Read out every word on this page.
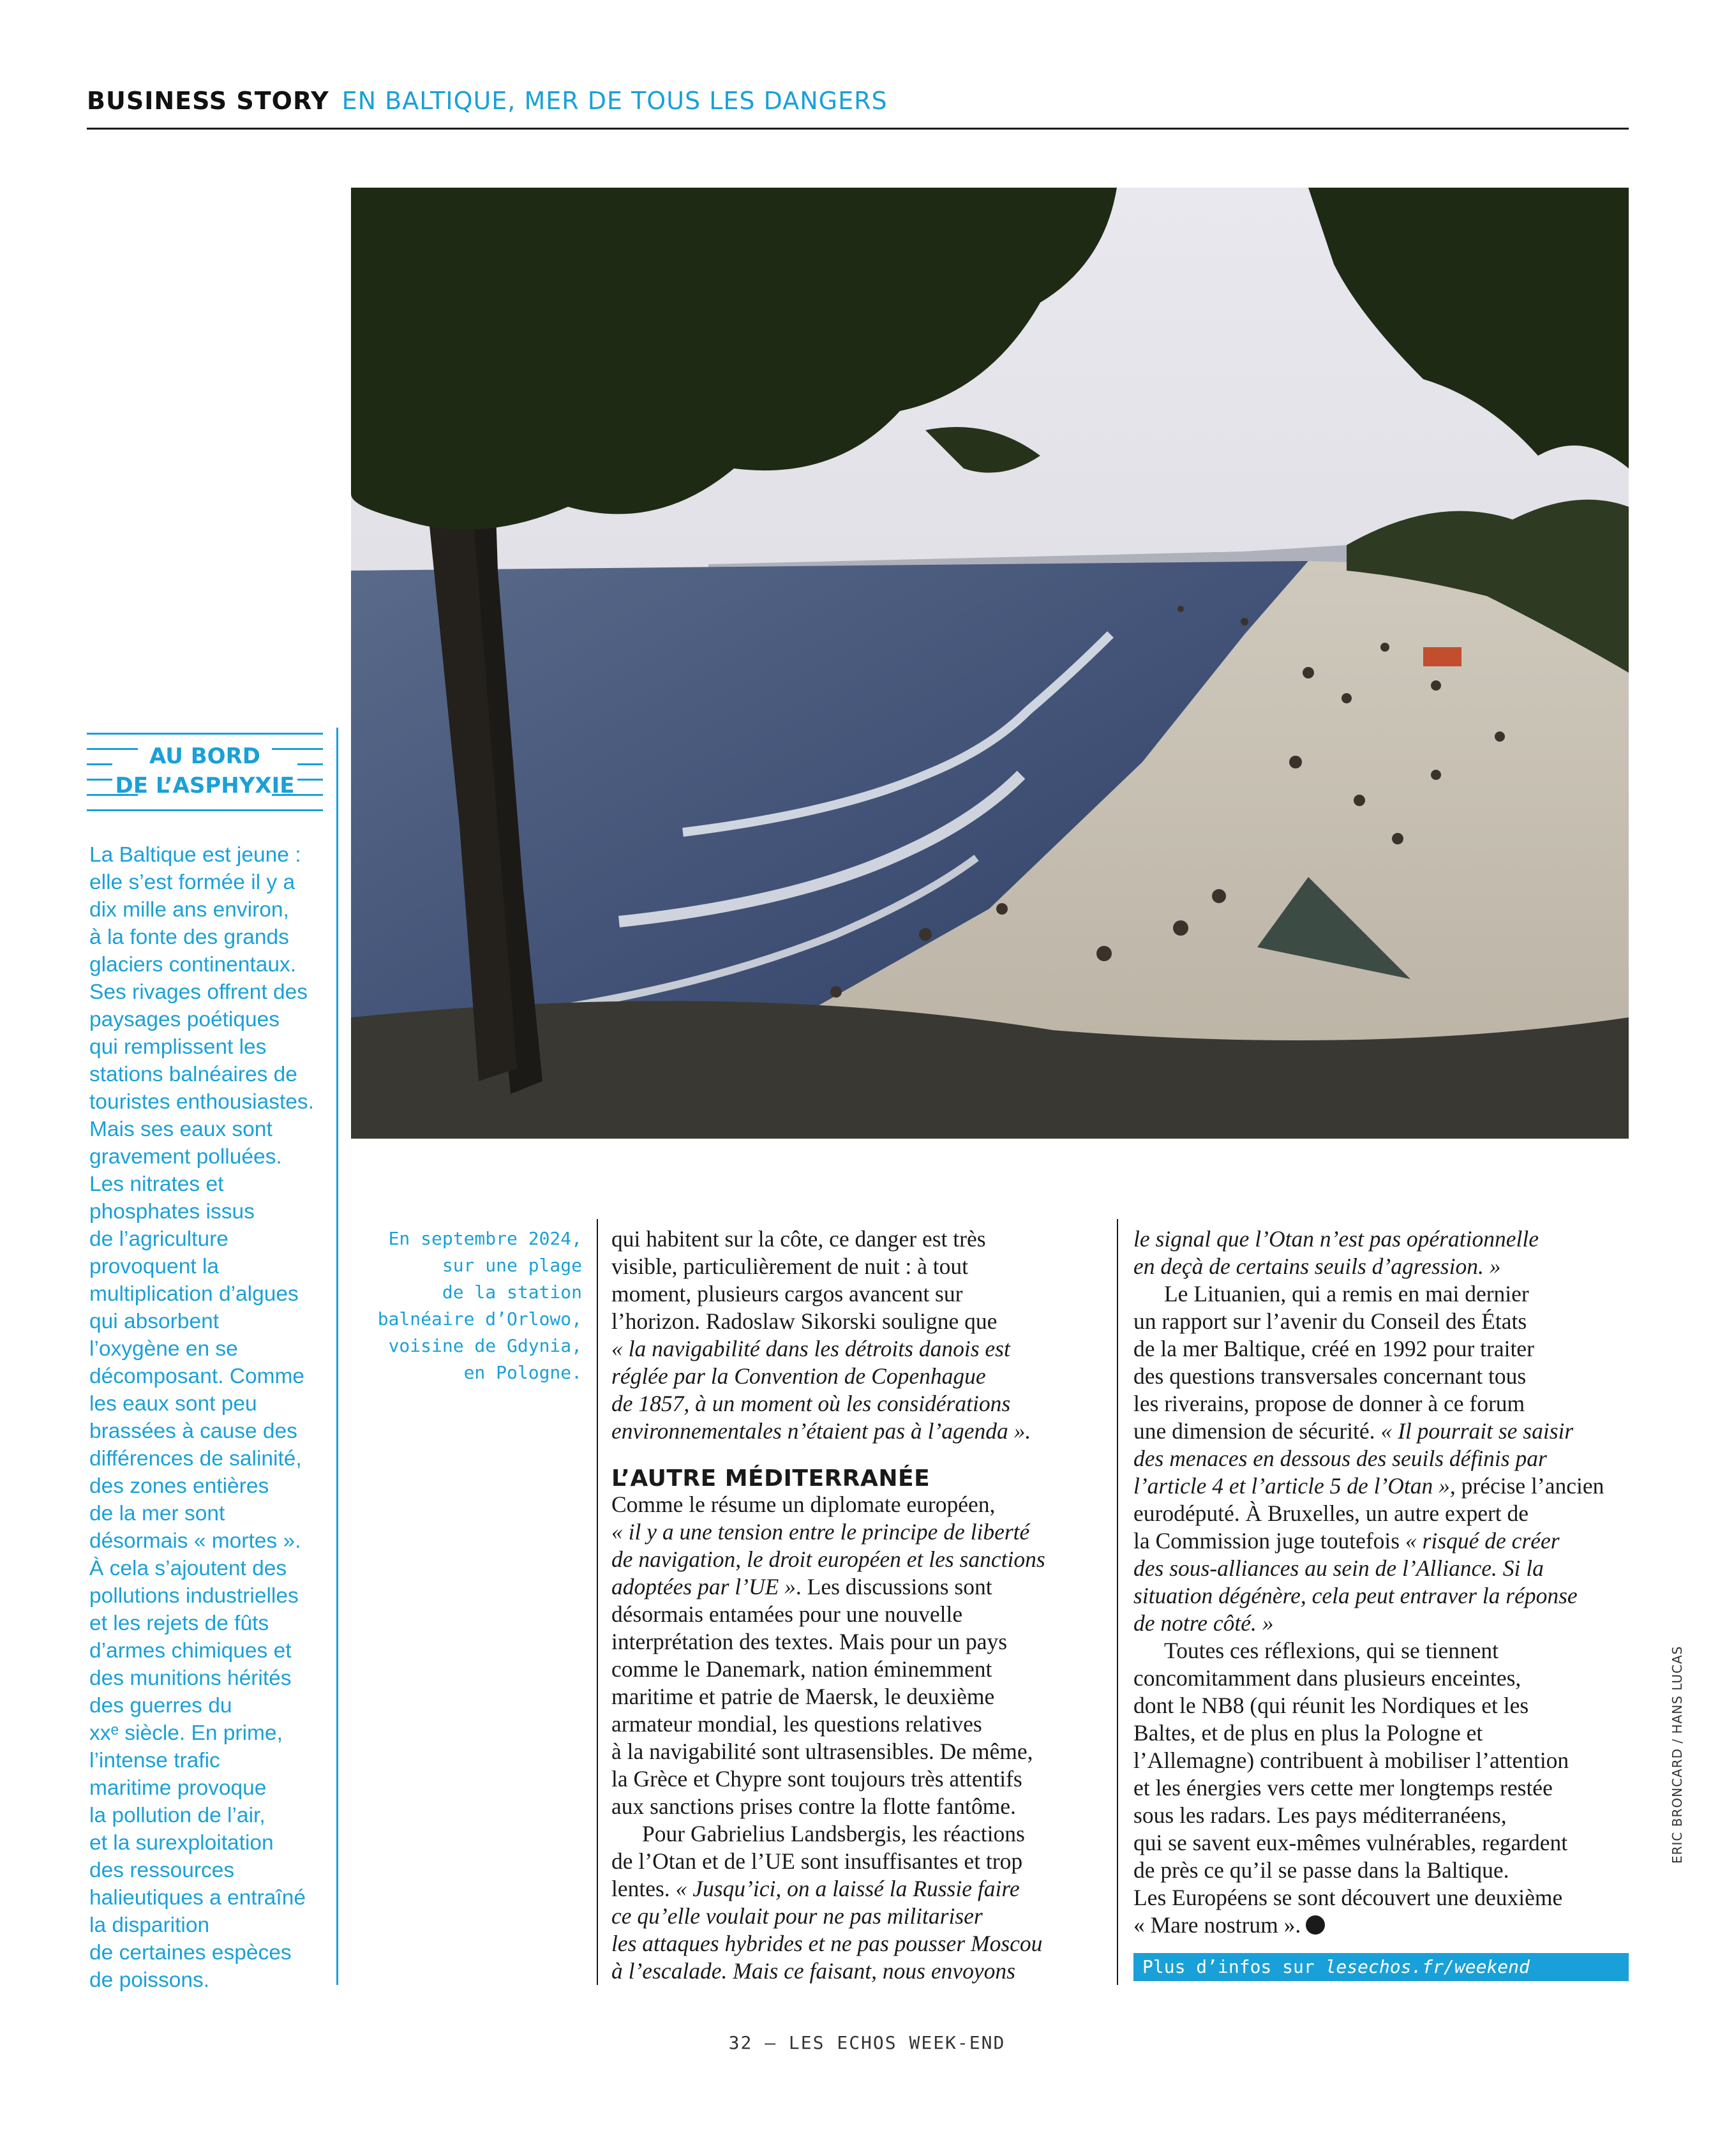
BUSINESS STORY EN BALTIQUE, MER DE TOUS LES DANGERS
AU BORD
DE L’ASPHYXIE
La Baltique est jeune :
elle s’est formée il y a
dix mille ans environ,
à la fonte des grands
glaciers continentaux.
Ses rivages offrent des
paysages poétiques
qui remplissent les
stations balnéaires de
touristes enthousiastes.
Mais ses eaux sont
gravement polluées.
Les nitrates et
phosphates issus
de l’agriculture
provoquent la
multiplication d’algues
qui absorbent
l’oxygène en se
décomposant. Comme
les eaux sont peu
brassées à cause des
différences de salinité,
des zones entières
de la mer sont
désormais « mortes ».
À cela s’ajoutent des
pollutions industrielles
et les rejets de fûts
d’armes chimiques et
des munitions hérités
des guerres du
xxᵉ siècle. En prime,
l’intense trafic
maritime provoque
la pollution de l’air,
et la surexploitation
des ressources
halieutiques a entraîné
la disparition
de certaines espèces
de poissons.
En septembre 2024,
sur une plage
de la station
balnéaire d’Orlowo,
voisine de Gdynia,
en Pologne.
qui habitent sur la côte, ce danger est très
visible, particulièrement de nuit : à tout
moment, plusieurs cargos avancent sur
l’horizon. Radoslaw Sikorski souligne que
« la navigabilité dans les détroits danois est
réglée par la Convention de Copenhague
de 1857, à un moment où les considérations
environnementales n’étaient pas à l’agenda ».

L’AUTRE MÉDITERRANÉE
Comme le résume un diplomate européen,
« il y a une tension entre le principe de liberté
de navigation, le droit européen et les sanctions
adoptées par l’UE ». Les discussions sont
désormais entamées pour une nouvelle
interprétation des textes. Mais pour un pays
comme le Danemark, nation éminemment
maritime et patrie de Maersk, le deuxième
armateur mondial, les questions relatives
à la navigabilité sont ultrasensibles. De même,
la Grèce et Chypre sont toujours très attentifs
aux sanctions prises contre la flotte fantôme.
Pour Gabrielius Landsbergis, les réactions
de l’Otan et de l’UE sont insuffisantes et trop
lentes. « Jusqu’ici, on a laissé la Russie faire
ce qu’elle voulait pour ne pas militariser
les attaques hybrides et ne pas pousser Moscou
à l’escalade. Mais ce faisant, nous envoyons
le signal que l’Otan n’est pas opérationnelle
en deçà de certains seuils d’agression. »

Le Lituanien, qui a remis en mai dernier
un rapport sur l’avenir du Conseil des États
de la mer Baltique, créé en 1992 pour traiter
des questions transversales concernant tous
les riverains, propose de donner à ce forum
une dimension de sécurité. « Il pourrait se saisir
des menaces en dessous des seuils définis par
l’article 4 et l’article 5 de l’Otan », précise l’ancien
eurodéputé. À Bruxelles, un autre expert de
la Commission juge toutefois « risqué de créer
des sous-alliances au sein de l’Alliance. Si la
situation dégénère, cela peut entraver la réponse
de notre côté. »
Toutes ces réflexions, qui se tiennent
concomitamment dans plusieurs enceintes,
dont le NB8 (qui réunit les Nordiques et les
Baltes, et de plus en plus la Pologne et
l’Allemagne) contribuent à mobiliser l’attention
et les énergies vers cette mer longtemps restée
sous les radars. Les pays méditerranéens,
qui se savent eux-mêmes vulnérables, regardent
de près ce qu’il se passe dans la Baltique.
Les Européens se sont découvert une deuxième
« Mare nostrum ».
Plus d’infos sur lesechos.fr/weekend
ERIC BRONCARD / HANS LUCAS
32 – LES ECHOS WEEK-END
